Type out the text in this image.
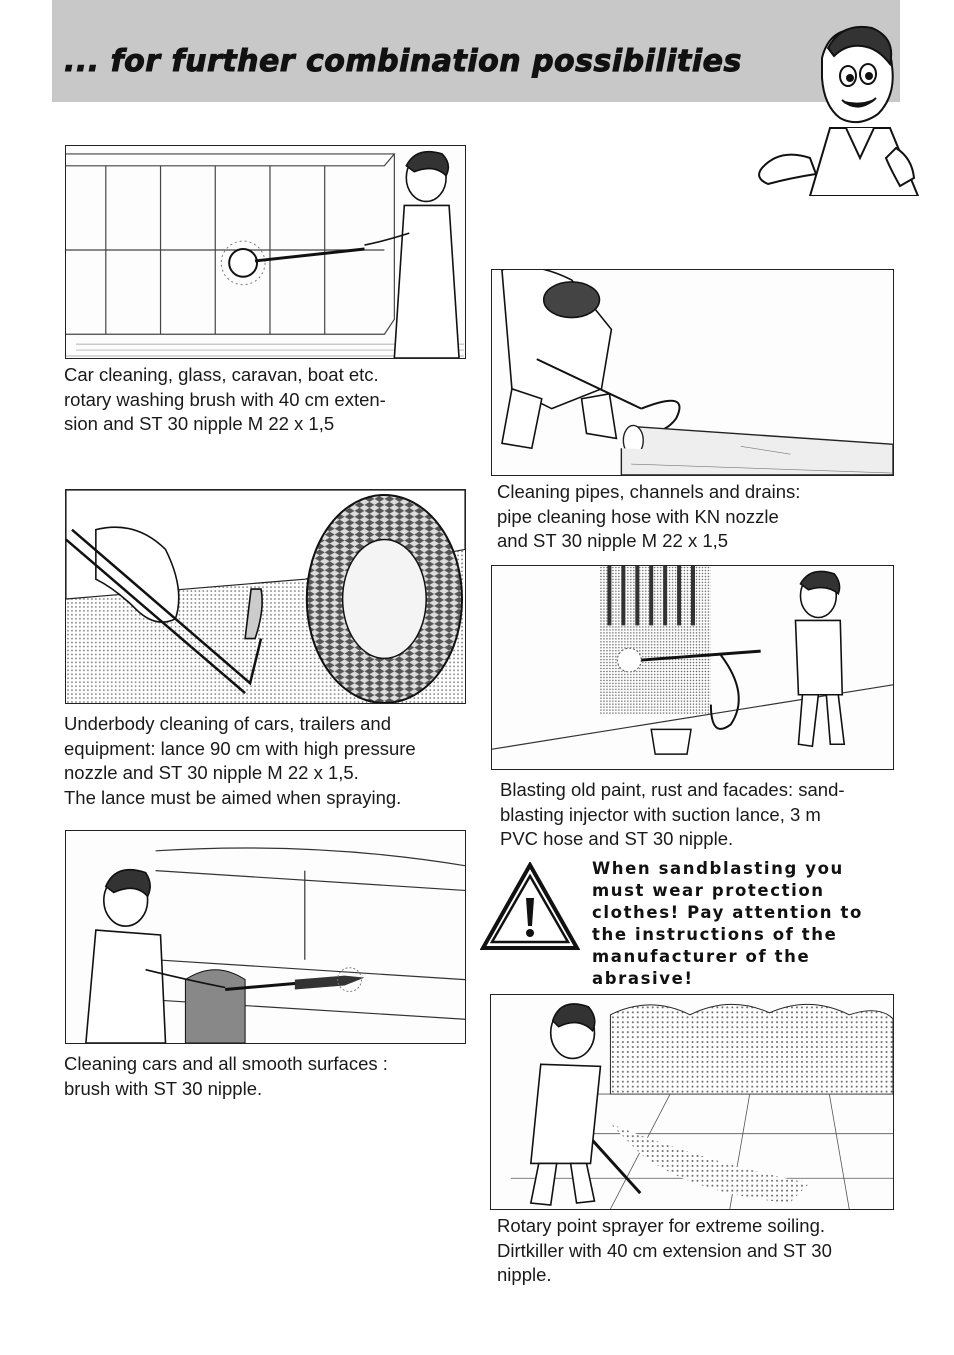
... for further combination possibilities

Car cleaning, glass, caravan, boat etc.
rotary washing brush with 40 cm exten-
sion and ST 30 nipple M 22 x 1,5

Cleaning pipes, channels and drains:
pipe cleaning hose with KN nozzle
and ST 30 nipple M 22 x 1,5

Underbody cleaning of cars, trailers and
equipment: lance 90 cm with high pressure
nozzle and ST 30 nipple M 22 x 1,5.
The lance must be aimed when spraying.	Blasting old paint, rust and facades: sand-
blasting injector with suction lance, 3 m
PVC hose and ST 30 nipple.

When sandblasting you
must wear protection
clothes! Pay attention to
the instructions of the
manufacturer of the
abrasive!

Cleaning cars and all smooth surfaces :
brush with ST 30 nipple.

Rotary point sprayer for extreme soiling.
Dirtkiller with 40 cm extension and ST 30
nipple.
